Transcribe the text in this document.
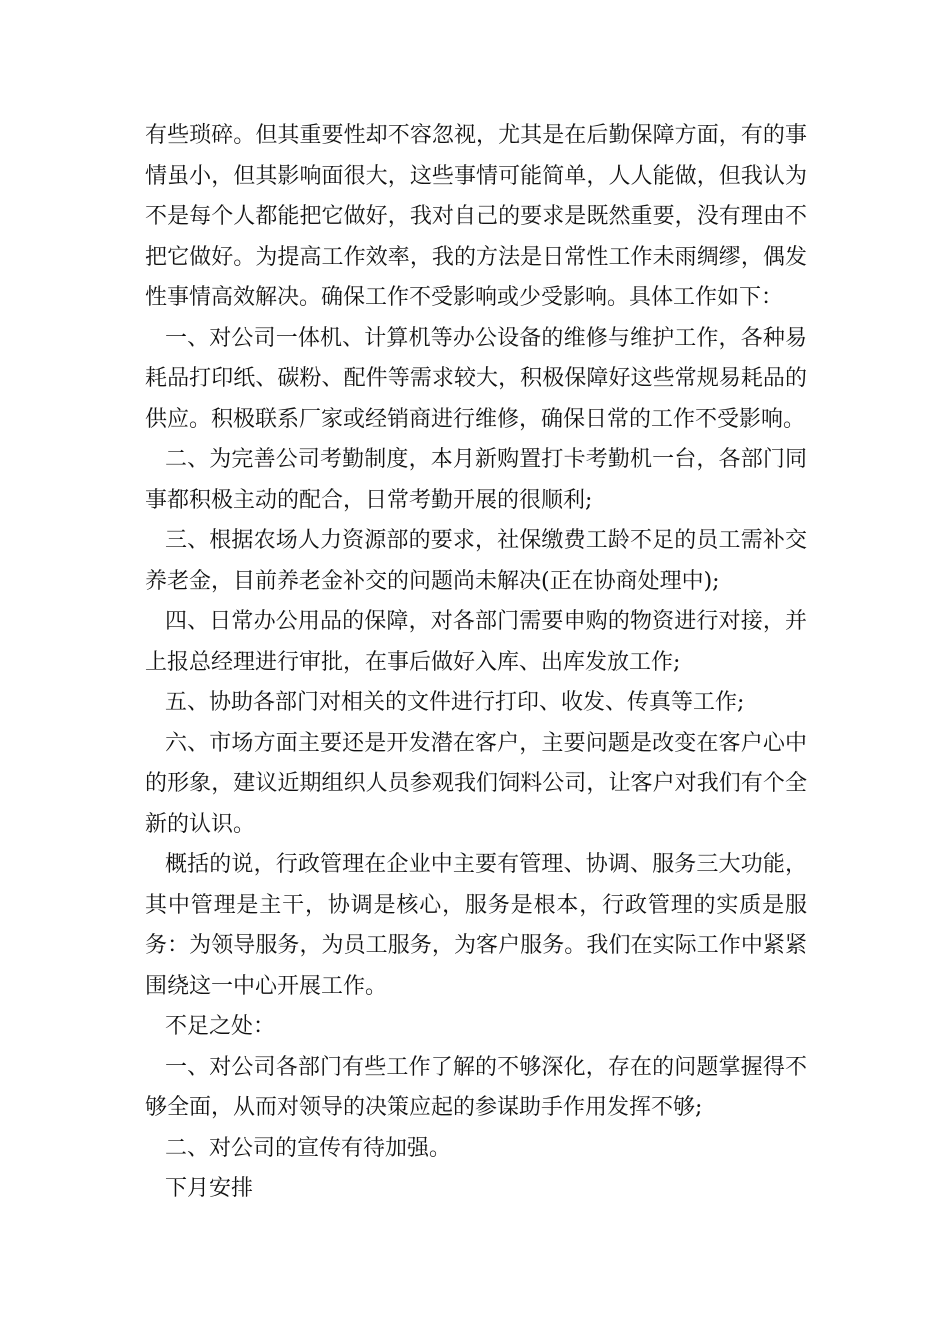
有些琐碎。但其重要性却不容忽视，尤其是在后勤保障方面，有的事情虽小，但其影响面很大，这些事情可能简单，人人能做，但我认为不是每个人都能把它做好，我对自己的要求是既然重要，没有理由不把它做好。为提高工作效率，我的方法是日常性工作未雨绸缪，偶发性事情高效解决。确保工作不受影响或少受影响。具体工作如下：

一、对公司一体机、计算机等办公设备的维修与维护工作，各种易耗品打印纸、碳粉、配件等需求较大，积极保障好这些常规易耗品的供应。积极联系厂家或经销商进行维修，确保日常的工作不受影响。

二、为完善公司考勤制度，本月新购置打卡考勤机一台，各部门同事都积极主动的配合，日常考勤开展的很顺利;

三、根据农场人力资源部的要求，社保缴费工龄不足的员工需补交养老金，目前养老金补交的问题尚未解决(正在协商处理中);

四、日常办公用品的保障，对各部门需要申购的物资进行对接，并上报总经理进行审批，在事后做好入库、出库发放工作;

五、协助各部门对相关的文件进行打印、收发、传真等工作;

六、市场方面主要还是开发潜在客户，主要问题是改变在客户心中的形象，建议近期组织人员参观我们饲料公司，让客户对我们有个全新的认识。

概括的说，行政管理在企业中主要有管理、协调、服务三大功能，其中管理是主干，协调是核心，服务是根本，行政管理的实质是服务：为领导服务，为员工服务，为客户服务。我们在实际工作中紧紧围绕这一中心开展工作。

不足之处：

一、对公司各部门有些工作了解的不够深化，存在的问题掌握得不够全面，从而对领导的决策应起的参谋助手作用发挥不够;

二、对公司的宣传有待加强。

下月安排
